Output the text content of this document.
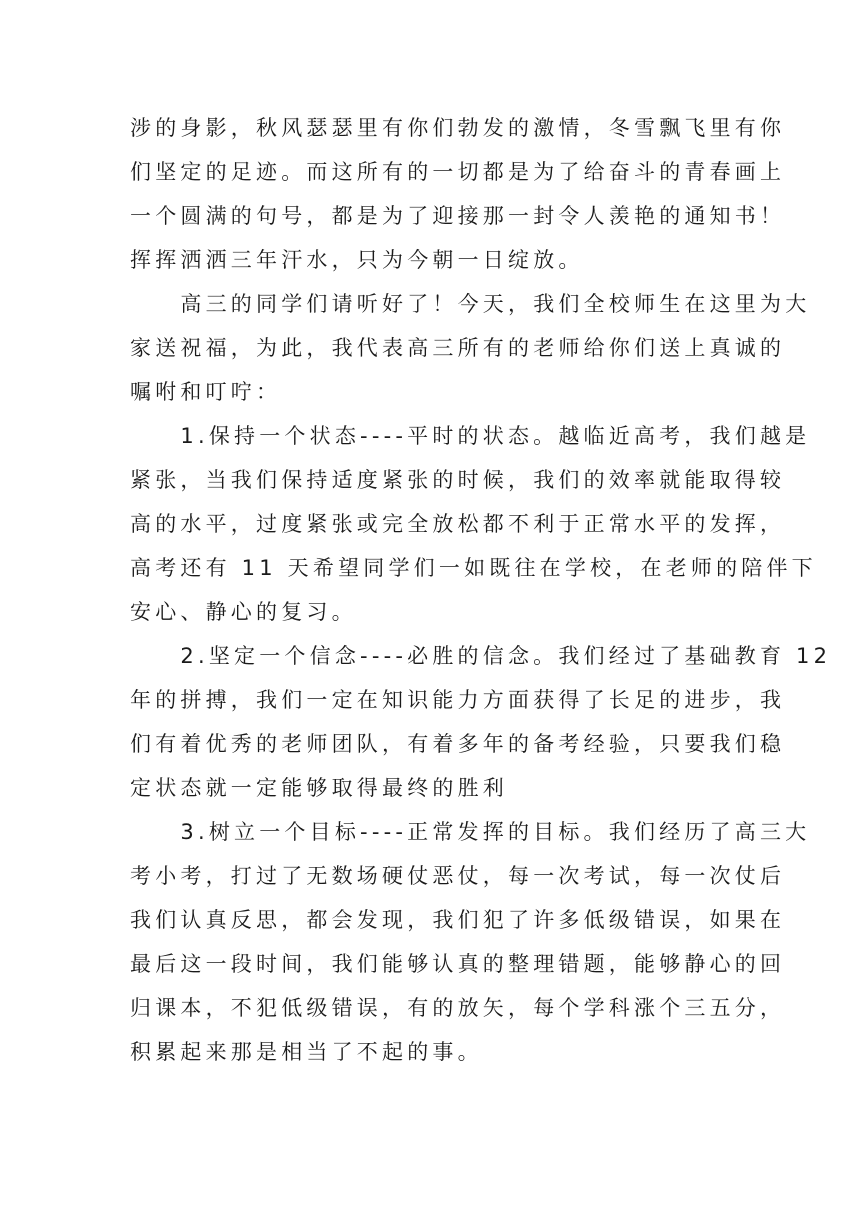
涉的身影，秋风瑟瑟里有你们勃发的激情，冬雪飘飞里有你
们坚定的足迹。而这所有的一切都是为了给奋斗的青春画上
一个圆满的句号，都是为了迎接那一封令人羡艳的通知书！
挥挥洒洒三年汗水，只为今朝一日绽放。
　　高三的同学们请听好了！今天，我们全校师生在这里为大
家送祝福，为此，我代表高三所有的老师给你们送上真诚的
嘱咐和叮咛：
　　1.保持一个状态----平时的状态。越临近高考，我们越是
紧张，当我们保持适度紧张的时候，我们的效率就能取得较
高的水平，过度紧张或完全放松都不利于正常水平的发挥，
高考还有 11 天希望同学们一如既往在学校，在老师的陪伴下
安心、静心的复习。
　　2.坚定一个信念----必胜的信念。我们经过了基础教育 12
年的拼搏，我们一定在知识能力方面获得了长足的进步，我
们有着优秀的老师团队，有着多年的备考经验，只要我们稳
定状态就一定能够取得最终的胜利
　　3.树立一个目标----正常发挥的目标。我们经历了高三大
考小考，打过了无数场硬仗恶仗，每一次考试，每一次仗后
我们认真反思，都会发现，我们犯了许多低级错误，如果在
最后这一段时间，我们能够认真的整理错题，能够静心的回
归课本，不犯低级错误，有的放矢，每个学科涨个三五分，
积累起来那是相当了不起的事。
